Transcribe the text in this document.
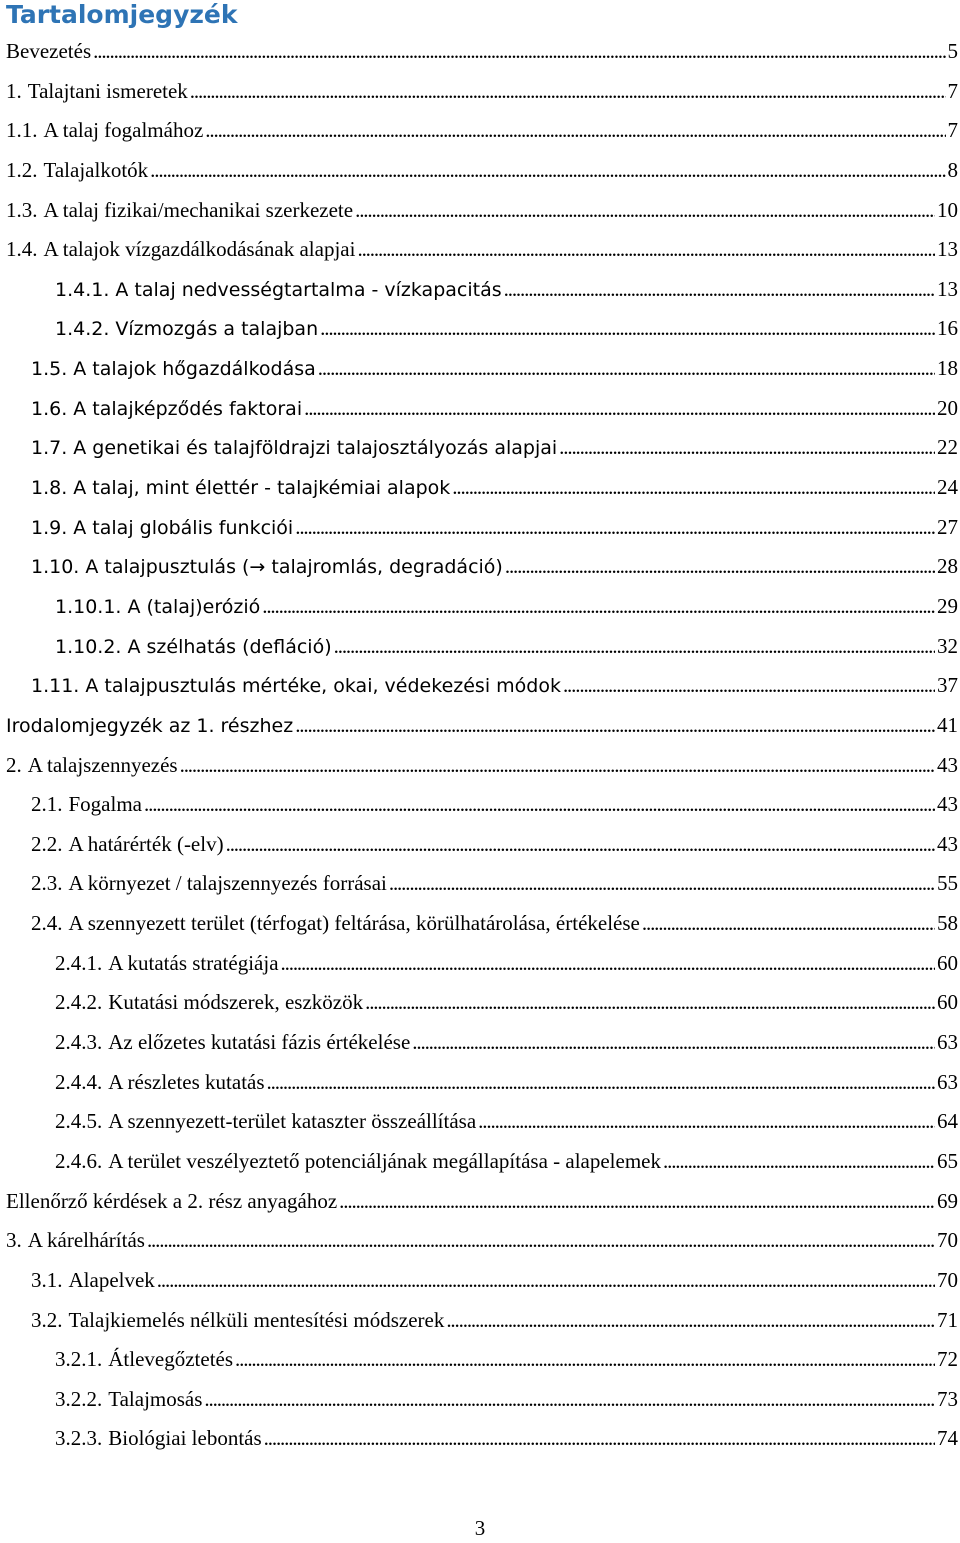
Tartalomjegyzék
Bevezetés . . .	5
1. Talajtani ismeretek . . .	7
1.1. A talaj fogalmához . . .	7
1.2. Talajalkotók . . .	8
1.3. A talaj fizikai/mechanikai szerkezete . . .	10
1.4. A talajok vízgazdálkodásának alapjai . . .	13
1.4.1. A talaj nedvességtartalma - vízkapacitás . . .	13
1.4.2. Vízmozgás a talajban . . .	16
1.5. A talajok hőgazdálkodása . . .	18
1.6. A talajképződés faktorai . . .	20
1.7. A genetikai és talajföldrajzi talajosztályozás alapjai . . .	22
1.8. A talaj, mint élettér - talajkémiai alapok . . .	24
1.9. A talaj globális funkciói . . .	27
1.10. A talajpusztulás (→ talajromlás, degradáció) . . .	28
1.10.1. A (talaj)erózió . . .	29
1.10.2. A szélhatás (defláció) . . .	32
1.11. A talajpusztulás mértéke, okai, védekezési módok . . .	37
Irodalomjegyzék az 1. részhez . . .	41
2. A talajszennyezés . . .	43
2.1. Fogalma . . .	43
2.2. A határérték (-elv) . . .	43
2.3. A környezet / talajszennyezés forrásai . . .	55
2.4. A szennyezett terület (térfogat) feltárása, körülhatárolása, értékelése . . .	58
2.4.1. A kutatás stratégiája . . .	60
2.4.2. Kutatási módszerek, eszközök . . .	60
2.4.3. Az előzetes kutatási fázis értékelése . . .	63
2.4.4. A részletes kutatás . . .	63
2.4.5. A szennyezett-terület kataszter összeállítása . . .	64
2.4.6. A terület veszélyeztető potenciáljának megállapítása - alapelemek . . .	65
Ellenőrző kérdések a 2. rész anyagához . . .	69
3. A kárelhárítás . . .	70
3.1. Alapelvek . . .	70
3.2. Talajkiemelés nélküli mentesítési módszerek . . .	71
3.2.1. Átlevegőztetés . . .	72
3.2.2. Talajmosás . . .	73
3.2.3. Biológiai lebontás . . .	74
3
